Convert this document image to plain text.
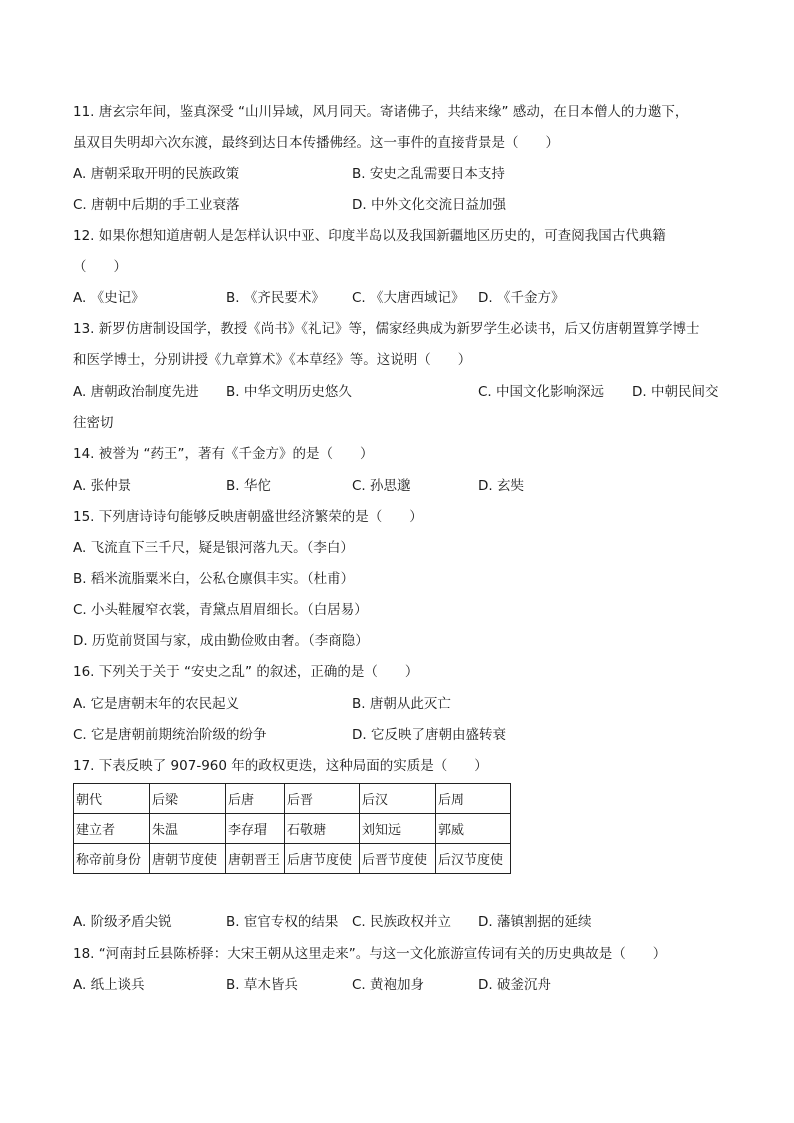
11. 唐玄宗年间，鉴真深受 “山川异域，风月同天。寄诸佛子，共结来缘” 感动，在日本僧人的力邀下，
虽双目失明却六次东渡，最终到达日本传播佛经。这一事件的直接背景是（　　）
A. 唐朝采取开明的民族政策	B. 安史之乱需要日本支持
C. 唐朝中后期的手工业衰落	D. 中外文化交流日益加强
12. 如果你想知道唐朝人是怎样认识中亚、印度半岛以及我国新疆地区历史的，可查阅我国古代典籍
（　　）
A. 《史记》	B. 《齐民要术》 C. 《大唐西域记》 D. 《千金方》
13. 新罗仿唐制设国学，教授《尚书》《礼记》等，儒家经典成为新罗学生必读书，后又仿唐朝置算学博士
和医学博士，分别讲授《九章算术》《本草经》等。这说明（　　）
A. 唐朝政治制度先进 B. 中华文明历史悠久	C. 中国文化影响深远 D. 中朝民间交
往密切
14. 被誉为 “药王”，著有《千金方》的是（　　）
A. 张仲景	B. 华佗	C. 孙思邈	D. 玄奘
15. 下列唐诗诗句能够反映唐朝盛世经济繁荣的是（　　）
A. 飞流直下三千尺，疑是银河落九天。（李白）
B. 稻米流脂粟米白，公私仓廪俱丰实。（杜甫）
C. 小头鞋履窄衣裳，青黛点眉眉细长。（白居易）
D. 历览前贤国与家，成由勤俭败由奢。（李商隐）
16. 下列关于关于 “安史之乱” 的叙述，正确的是（　　）
A. 它是唐朝末年的农民起义	B. 唐朝从此灭亡
C. 它是唐朝前期统治阶级的纷争	D. 它反映了唐朝由盛转衰
17. 下表反映了 907-960 年的政权更迭，这种局面的实质是（　　）
朝代	后梁	后唐	后晋	后汉	后周
建立者	朱温	李存瑁	石敬瑭	刘知远	郭威
称帝前身份	唐朝节度使	唐朝晋王	后唐节度使	后晋节度使	后汉节度使
A. 阶级矛盾尖锐	B. 宦官专权的结果 C. 民族政权并立 D. 藩镇割据的延续
18. “河南封丘县陈桥驿：大宋王朝从这里走来”。与这一文化旅游宣传词有关的历史典故是（　　）
A. 纸上谈兵	B. 草木皆兵	C. 黄袍加身	D. 破釜沉舟
